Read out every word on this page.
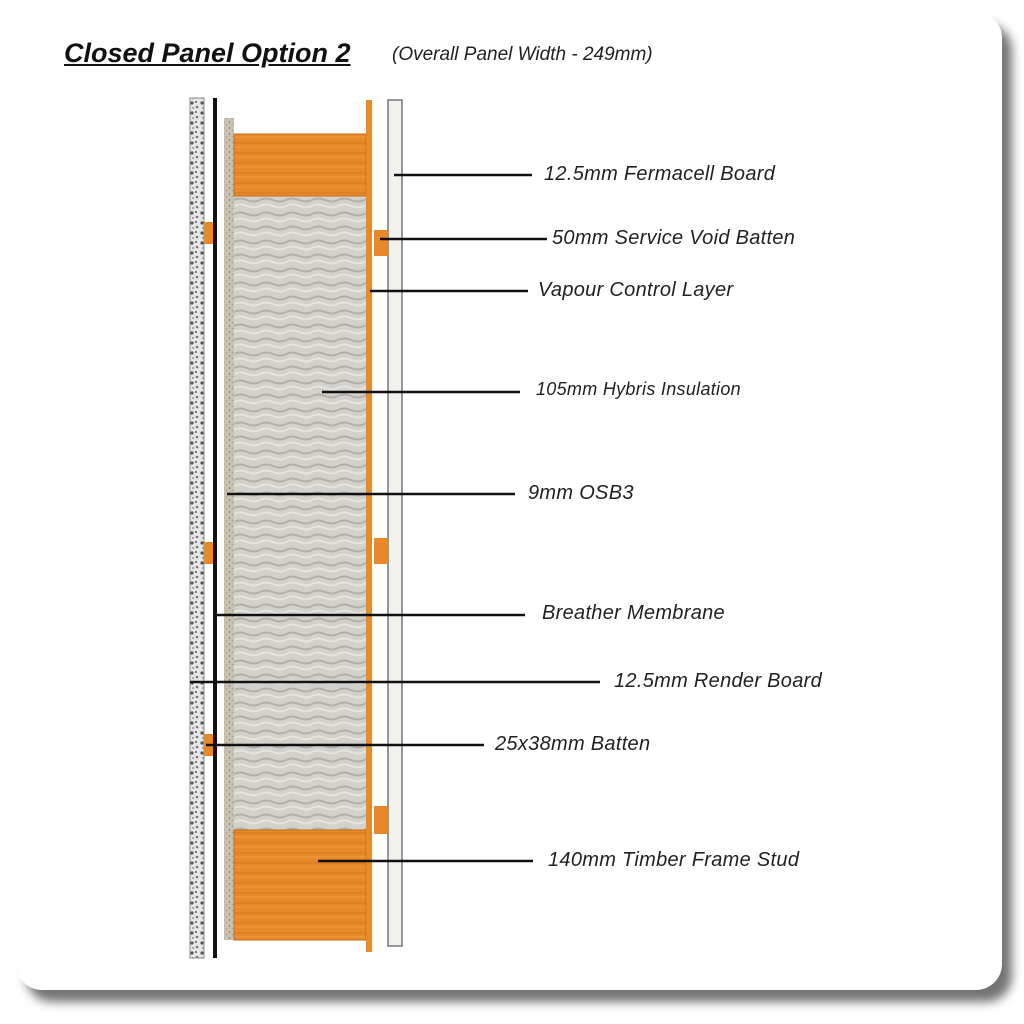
Closed Panel Option 2 (Overall Panel Width - 249mm)
12.5mm Fermacell Board
50mm Service Void Batten
Vapour Control Layer
105mm Hybris Insulation
9mm OSB3
Breather Membrane
12.5mm Render Board
25x38mm Batten
140mm Timber Frame Stud
